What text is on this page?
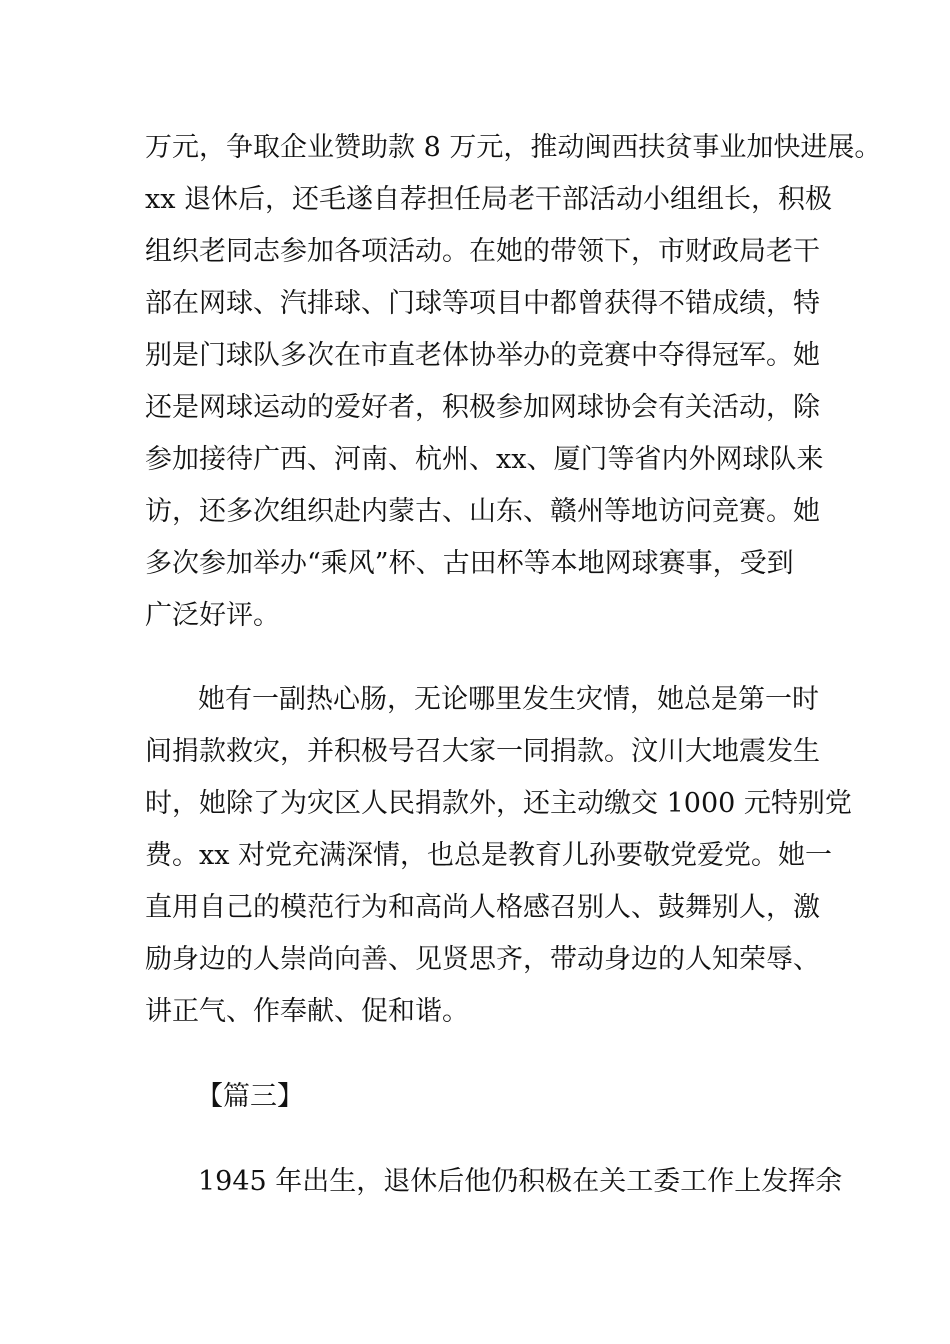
万元，争取企业赞助款 8 万元，推动闽西扶贫事业加快进展。
xx 退休后，还毛遂自荐担任局老干部活动小组组长，积极
组织老同志参加各项活动。在她的带领下，市财政局老干
部在网球、汽排球、门球等项目中都曾获得不错成绩，特
别是门球队多次在市直老体协举办的竞赛中夺得冠军。她
还是网球运动的爱好者，积极参加网球协会有关活动，除
参加接待广西、河南、杭州、xx、厦门等省内外网球队来
访，还多次组织赴内蒙古、山东、赣州等地访问竞赛。她
多次参加举办“乘风”杯、古田杯等本地网球赛事，受到
广泛好评。
她有一副热心肠，无论哪里发生灾情，她总是第一时
间捐款救灾，并积极号召大家一同捐款。汶川大地震发生
时，她除了为灾区人民捐款外，还主动缴交 1000 元特别党
费。xx 对党充满深情，也总是教育儿孙要敬党爱党。她一
直用自己的模范行为和高尚人格感召别人、鼓舞别人，激
励身边的人崇尚向善、见贤思齐，带动身边的人知荣辱、
讲正气、作奉献、促和谐。
【篇三】
1945 年出生，退休后他仍积极在关工委工作上发挥余
